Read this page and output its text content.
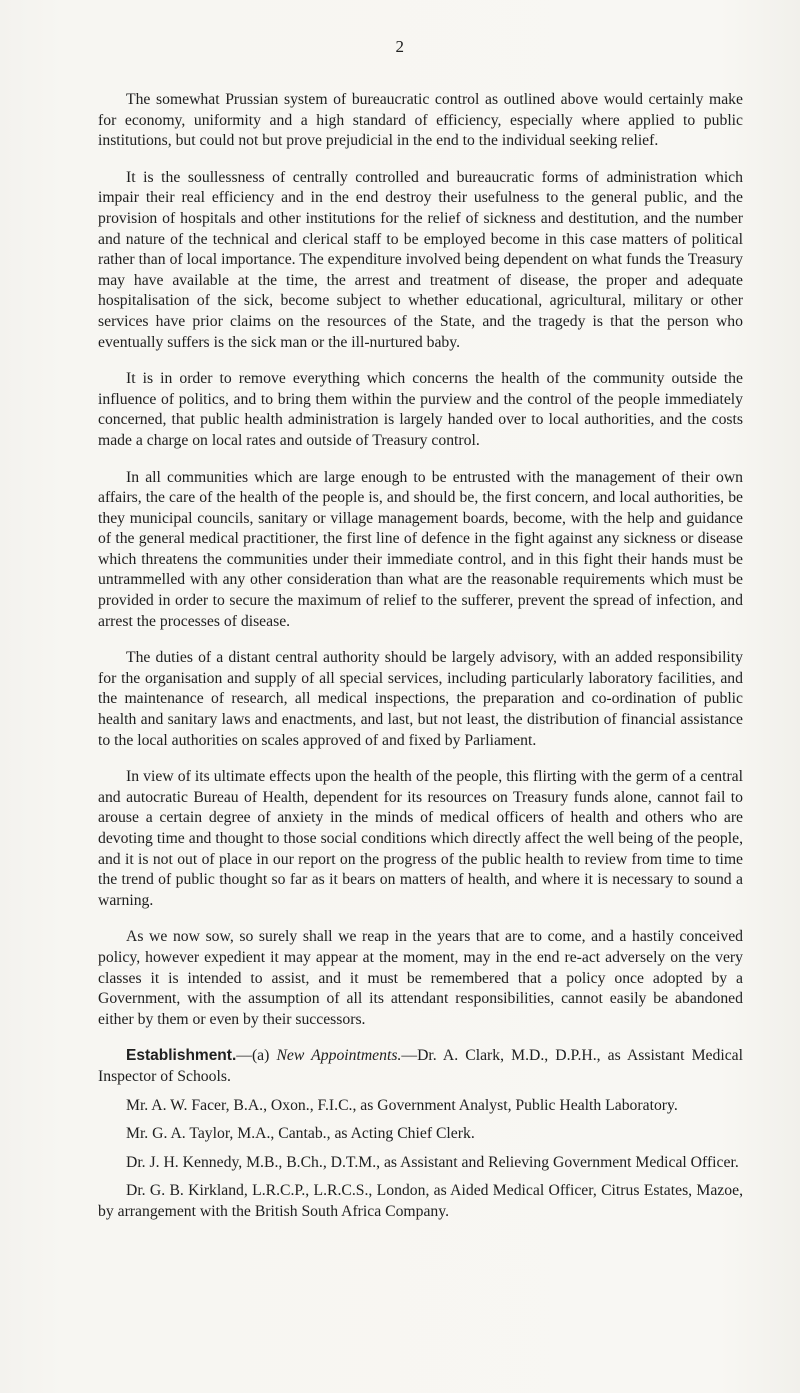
2

The somewhat Prussian system of bureaucratic control as outlined above would certainly make for economy, uniformity and a high standard of efficiency, especially where applied to public institutions, but could not but prove prejudicial in the end to the individual seeking relief.

It is the soullessness of centrally controlled and bureaucratic forms of administration which impair their real efficiency and in the end destroy their usefulness to the general public, and the provision of hospitals and other institutions for the relief of sickness and destitution, and the number and nature of the technical and clerical staff to be employed become in this case matters of political rather than of local importance. The expenditure involved being dependent on what funds the Treasury may have available at the time, the arrest and treatment of disease, the proper and adequate hospitalisation of the sick, become subject to whether educational, agricultural, military or other services have prior claims on the resources of the State, and the tragedy is that the person who eventually suffers is the sick man or the ill-nurtured baby.

It is in order to remove everything which concerns the health of the community outside the influence of politics, and to bring them within the purview and the control of the people immediately concerned, that public health administration is largely handed over to local authorities, and the costs made a charge on local rates and outside of Treasury control.

In all communities which are large enough to be entrusted with the management of their own affairs, the care of the health of the people is, and should be, the first concern, and local authorities, be they municipal councils, sanitary or village management boards, become, with the help and guidance of the general medical practitioner, the first line of defence in the fight against any sickness or disease which threatens the communities under their immediate control, and in this fight their hands must be untrammelled with any other consideration than what are the reasonable requirements which must be provided in order to secure the maximum of relief to the sufferer, prevent the spread of infection, and arrest the processes of disease.

The duties of a distant central authority should be largely advisory, with an added responsibility for the organisation and supply of all special services, including particularly laboratory facilities, and the maintenance of research, all medical inspections, the preparation and co-ordination of public health and sanitary laws and enactments, and last, but not least, the distribution of financial assistance to the local authorities on scales approved of and fixed by Parliament.

In view of its ultimate effects upon the health of the people, this flirting with the germ of a central and autocratic Bureau of Health, dependent for its resources on Treasury funds alone, cannot fail to arouse a certain degree of anxiety in the minds of medical officers of health and others who are devoting time and thought to those social conditions which directly affect the well being of the people, and it is not out of place in our report on the progress of the public health to review from time to time the trend of public thought so far as it bears on matters of health, and where it is necessary to sound a warning.

As we now sow, so surely shall we reap in the years that are to come, and a hastily conceived policy, however expedient it may appear at the moment, may in the end re-act adversely on the very classes it is intended to assist, and it must be remembered that a policy once adopted by a Government, with the assumption of all its attendant responsibilities, cannot easily be abandoned either by them or even by their successors.

Establishment.—(a) New Appointments.—Dr. A. Clark, M.D., D.P.H., as Assistant Medical Inspector of Schools.

Mr. A. W. Facer, B.A., Oxon., F.I.C., as Government Analyst, Public Health Laboratory.

Mr. G. A. Taylor, M.A., Cantab., as Acting Chief Clerk.

Dr. J. H. Kennedy, M.B., B.Ch., D.T.M., as Assistant and Relieving Government Medical Officer.

Dr. G. B. Kirkland, L.R.C.P., L.R.C.S., London, as Aided Medical Officer, Citrus Estates, Mazoe, by arrangement with the British South Africa Company.
